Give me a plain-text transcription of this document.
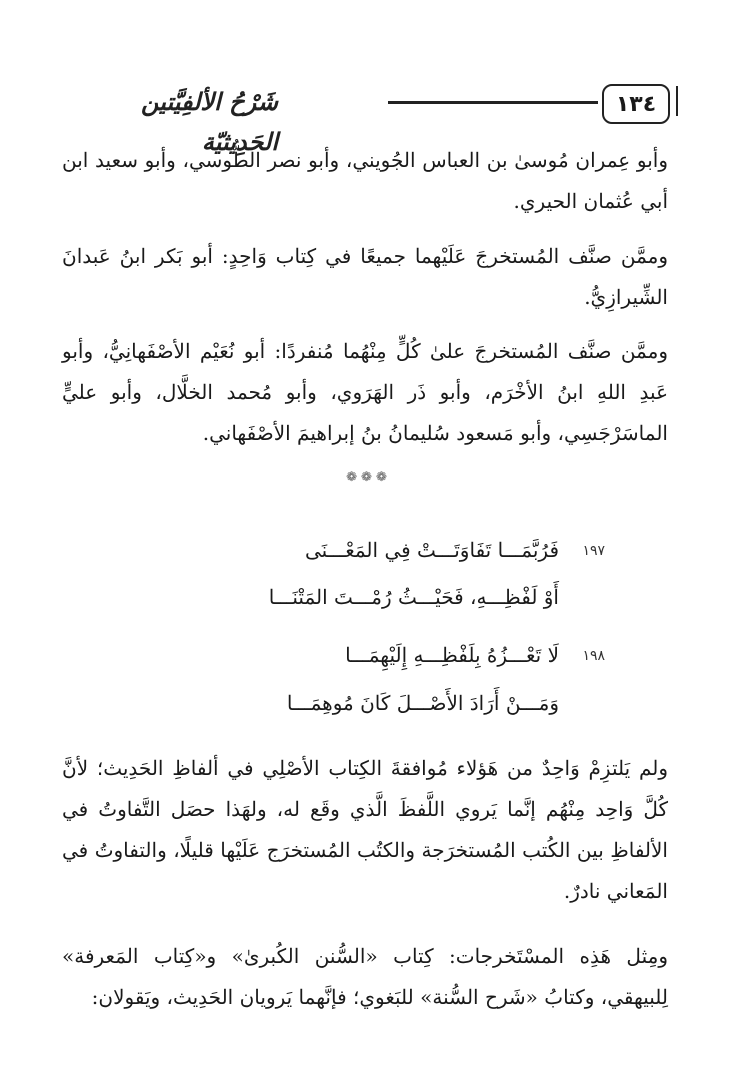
١٣٤
شَرْحُ الألفِيَّتين الحَدِيثيّة

وأبو عِمران مُوسىٰ بن العباس الجُويني، وأبو نصر الطُّوسي، وأبو سعيد ابن أبي عُثمان الحيري.

وممَّن صنَّف المُستخرجَ عَلَيْهما جميعًا في كِتاب وَاحِدٍ: أبو بَكر ابنُ عَبدانَ الشِّيرازِيُّ.

وممَّن صنَّف المُستخرجَ علىٰ كُلٍّ مِنْهُما مُنفردًا: أبو نُعَيْم الأصْفَهانِيُّ، وأبو عَبدِ اللهِ ابنُ الأخْرَم، وأبو ذَر الهَرَوي، وأبو مُحمد الخلَّال، وأبو عليٍّ الماسَرْجَسِي، وأبو مَسعود سُليمانُ بنُ إبراهيمَ الأصْفَهاني.

❁❁❁
١٩٧
فَرُبَّمَـــا تَفَاوَتَـــتْ فِي المَعْـــنَى
أَوْ لَفْظِـــهِ، فَحَيْـــثُ رُمْـــتَ المَتْنَـــا
١٩٨
لَا تَعْـــزُهُ بِلَفْظِـــهِ إِلَيْهِمَـــا
وَمَـــنْ أَرَادَ الأَصْـــلَ كَانَ مُوهِمَـــا

ولم يَلتزِمْ وَاحِدٌ من هَؤلاء مُوافقةَ الكِتاب الأصْلِي في ألفاظِ الحَدِيث؛ لأنَّ كُلَّ وَاحِد مِنْهُم إنَّما يَروي اللَّفظَ الَّذي وقَع له، ولهَذا حصَل التَّفاوتُ في الألفاظِ بين الكُتب المُستخرَجة والكتُب المُستخرَج عَلَيْها قليلًا، والتفاوتُ في المَعاني نادرٌ.

ومِثل هَذِه المسْتَخرجات: كِتاب «السُّنن الكُبرىٰ» و«كِتاب المَعرفة» لِلبيهقي، وكتابُ «شَرح السُّنة» للبَغوي؛ فإنَّهما يَرويان الحَدِيث، ويَقولان:
